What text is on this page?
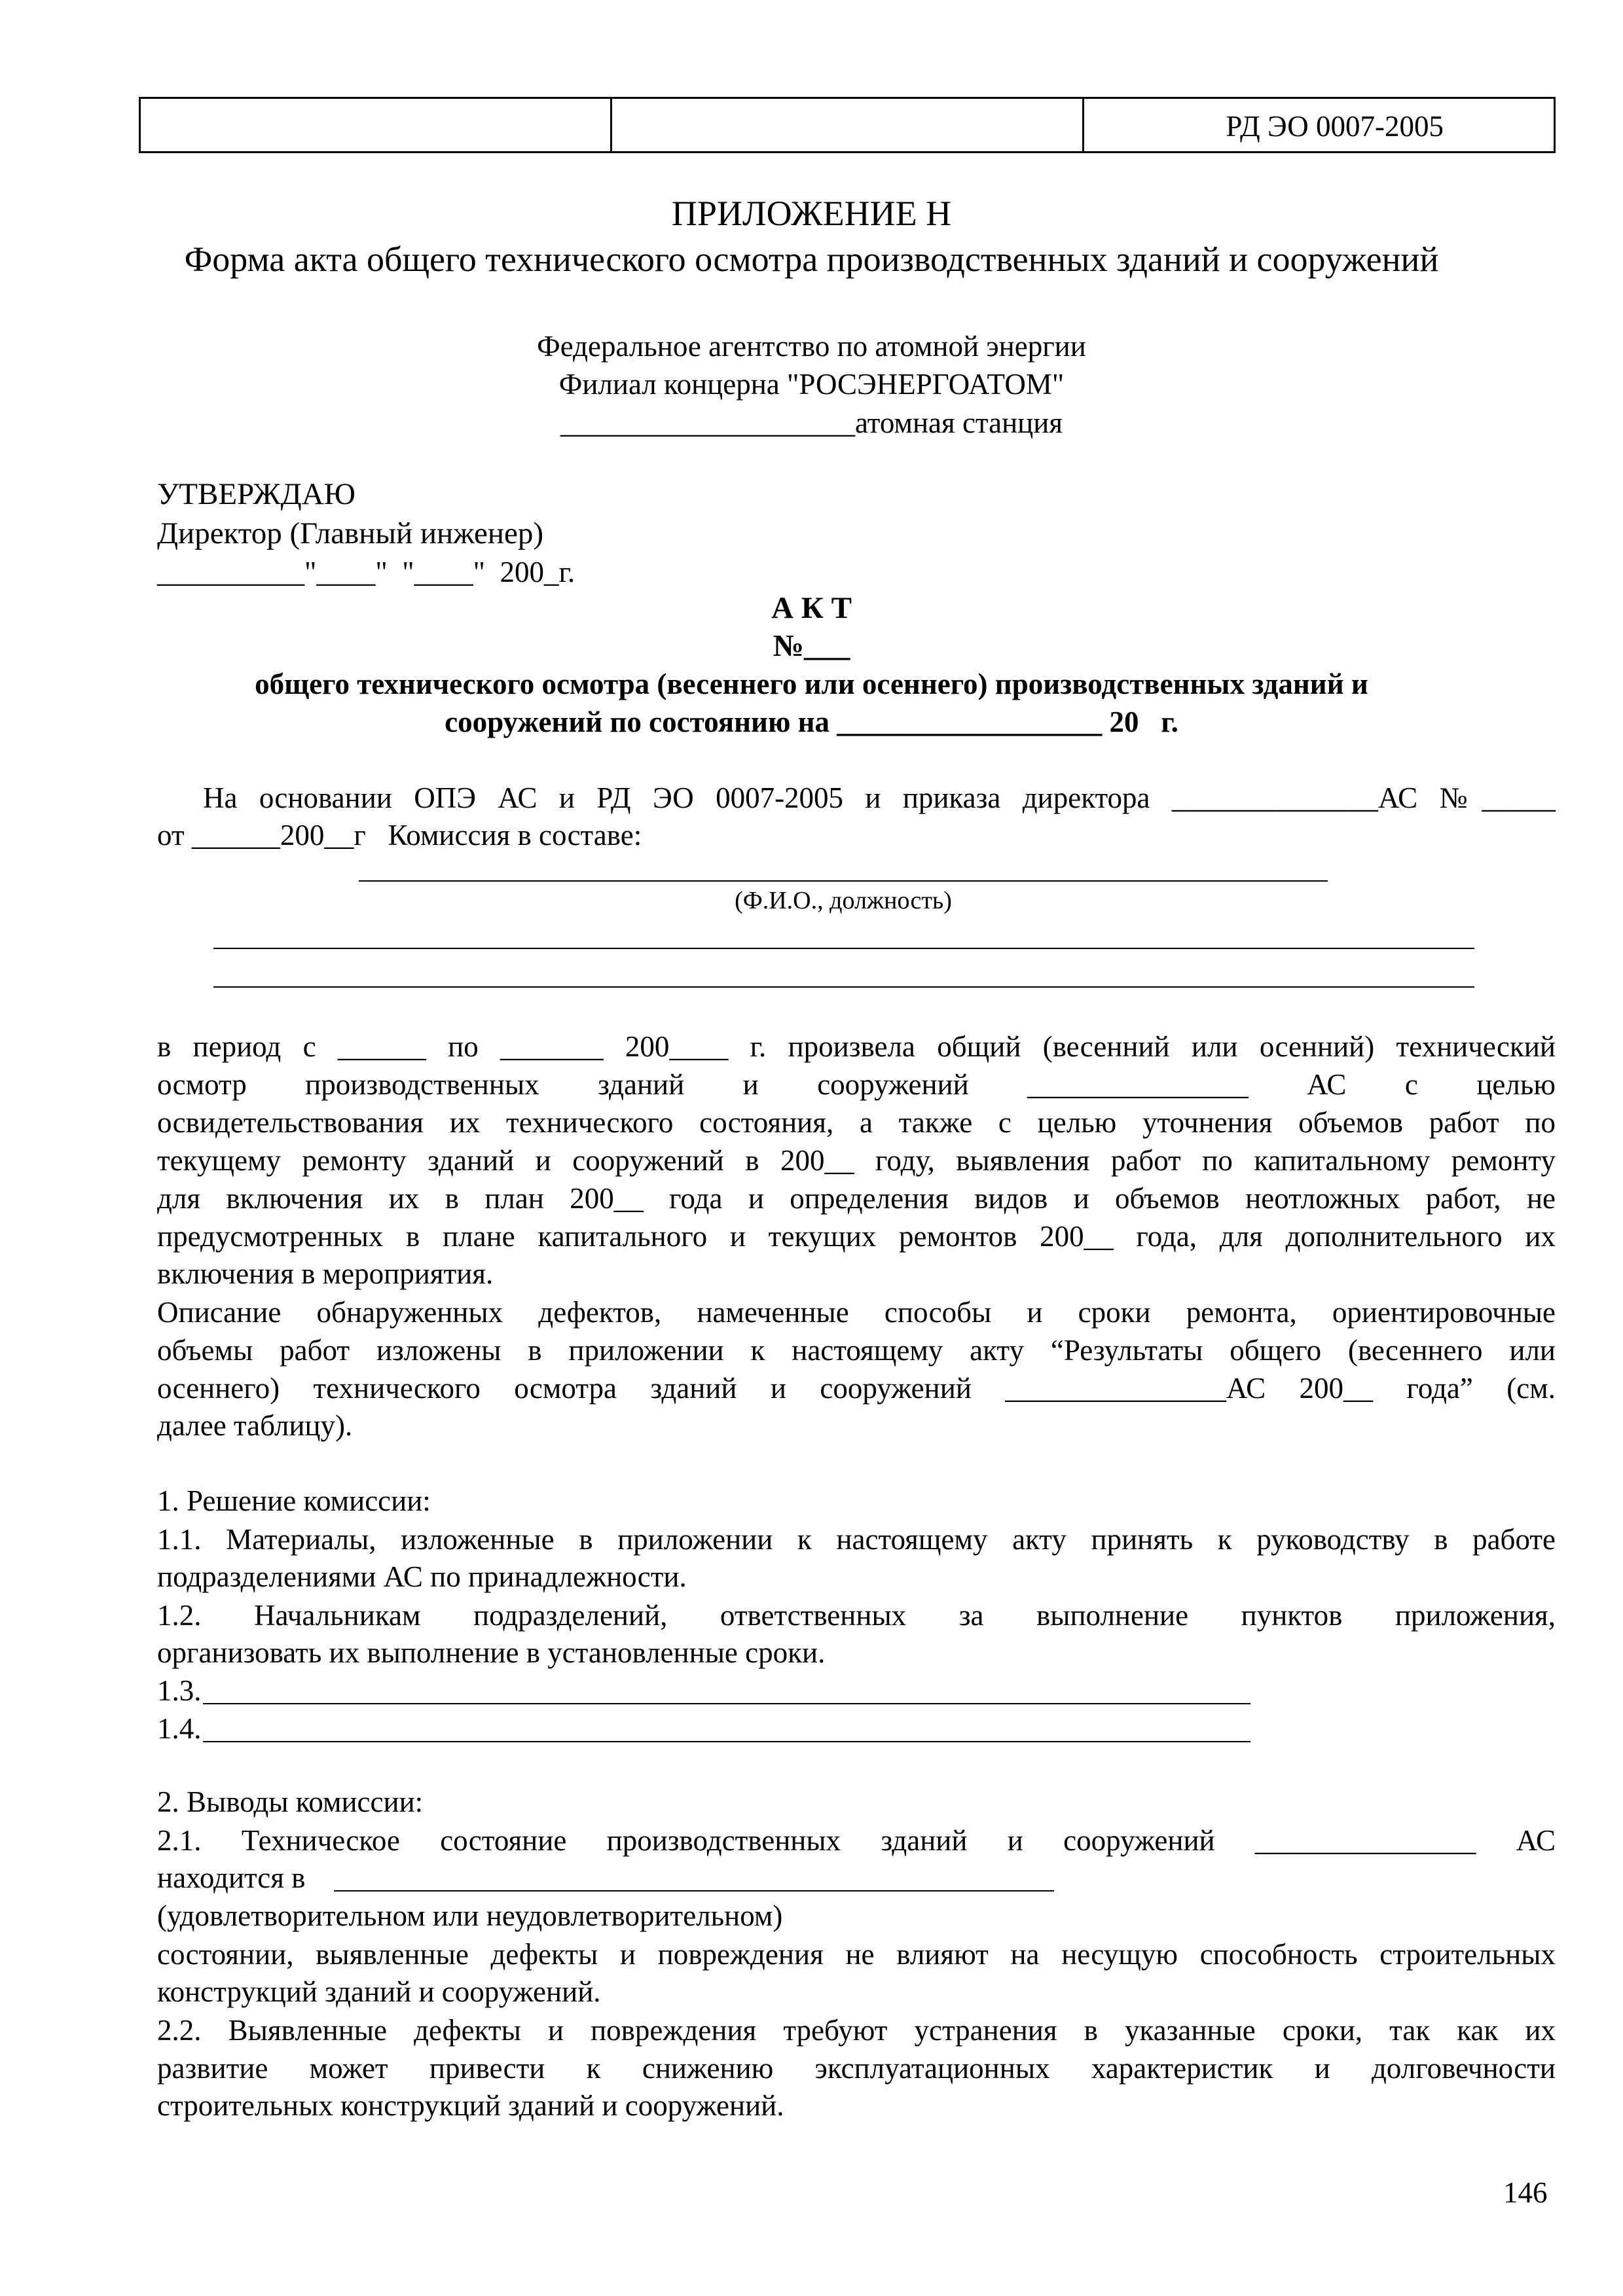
РД ЭО 0007-2005
ПРИЛОЖЕНИЕ Н
Форма акта общего технического осмотра производственных зданий и сооружений
Федеральное агентство по атомной энергии
Филиал концерна "РОСЭНЕРГОАТОМ"
____________________атомная станция
УТВЕРЖДАЮ
Директор (Главный инженер)
__________"____"  "____"  200_г.
А К Т
№___
общего технического осмотра (весеннего или осеннего) производственных зданий и
сооружений по состоянию на __________________ 20   г.
На основании ОПЭ АС и РД ЭО 0007-2005 и приказа директора ______________АС №_____
от ______200__г   Комиссия в составе:
(Ф.И.О., должность)
в период с ______ по _______ 200____ г. произвела общий (весенний или осенний) технический
осмотр производственных зданий и сооружений _______________ АС с целью
освидетельствования их технического состояния, а также с целью уточнения объемов работ по
текущему ремонту зданий и сооружений в 200__ году, выявления работ по капитальному ремонту
для включения их в план 200__ года и определения видов и объемов неотложных работ, не
предусмотренных в плане капитального и текущих ремонтов 200__ года, для дополнительного их
включения в мероприятия.
Описание обнаруженных дефектов, намеченные способы и сроки ремонта, ориентировочные
объемы работ изложены в приложении к настоящему акту “Результаты общего (весеннего или
осеннего) технического осмотра зданий и сооружений _______________АС 200__ года” (см.
далее таблицу).
1. Решение комиссии:
1.1. Материалы, изложенные в приложении к настоящему акту принять к руководству в работе
подразделениями АС по принадлежности.
1.2. Начальникам подразделений, ответственных за выполнение пунктов приложения,
организовать их выполнение в установленные сроки.
1.3.
1.4.
2. Выводы комиссии:
2.1. Техническое состояние производственных зданий и сооружений _______________ АС
находится в
(удовлетворительном или неудовлетворительном)
состоянии, выявленные дефекты и повреждения не влияют на несущую способность строительных
конструкций зданий и сооружений.
2.2. Выявленные дефекты и повреждения требуют устранения в указанные сроки, так как их
развитие может привести к снижению эксплуатационных характеристик и долговечности
строительных конструкций зданий и сооружений.
146
